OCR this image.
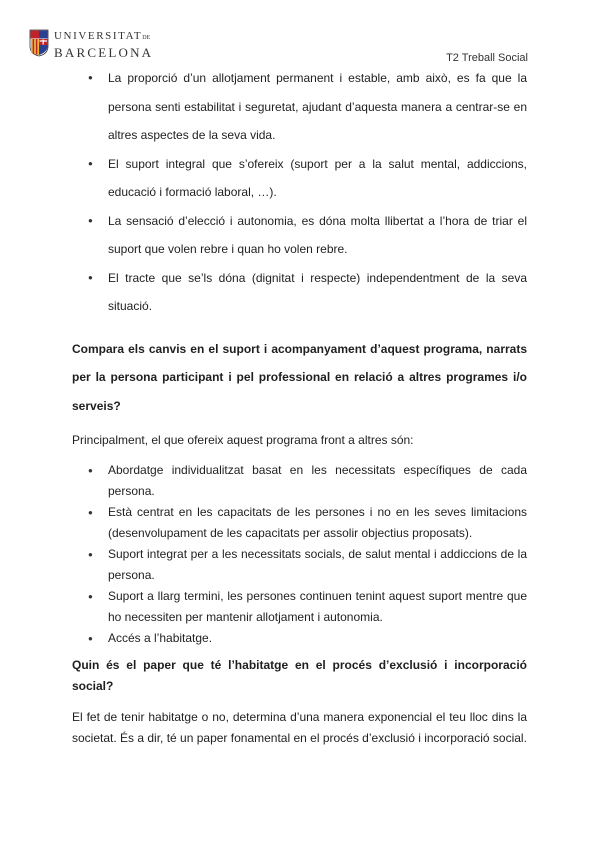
UNIVERSITATDE
BARCELONA	T2 Treball Social
● La proporció d’un allotjament permanent i estable, amb això, es fa que la persona senti estabilitat i seguretat, ajudant d’aquesta manera a centrar-se en altres aspectes de la seva vida.
● El suport integral que s’ofereix (suport per a la salut mental, addiccions, educació i formació laboral, …).
● La sensació d’elecció i autonomia, es dóna molta llibertat a l’hora de triar el suport que volen rebre i quan ho volen rebre.
● El tracte que se’ls dóna (dignitat i respecte) independentment de la seva situació.

Compara els canvis en el suport i acompanyament d’aquest programa, narrats per la persona participant i pel professional en relació a altres programes i/o serveis?

Principalment, el que ofereix aquest programa front a altres són:

● Abordatge individualitzat basat en les necessitats específiques de cada persona.
● Està centrat en les capacitats de les persones i no en les seves limitacions (desenvolupament de les capacitats per assolir objectius proposats).
● Suport integrat per a les necessitats socials, de salut mental i addiccions de la persona.
● Suport a llarg termini, les persones continuen tenint aquest suport mentre que ho necessiten per mantenir allotjament i autonomia.
● Accés a l’habitatge.

Quin és el paper que té l’habitatge en el procés d’exclusió i incorporació social?

El fet de tenir habitatge o no, determina d’una manera exponencial el teu lloc dins la societat. És a dir, té un paper fonamental en el procés d’exclusió i incorporació social.
